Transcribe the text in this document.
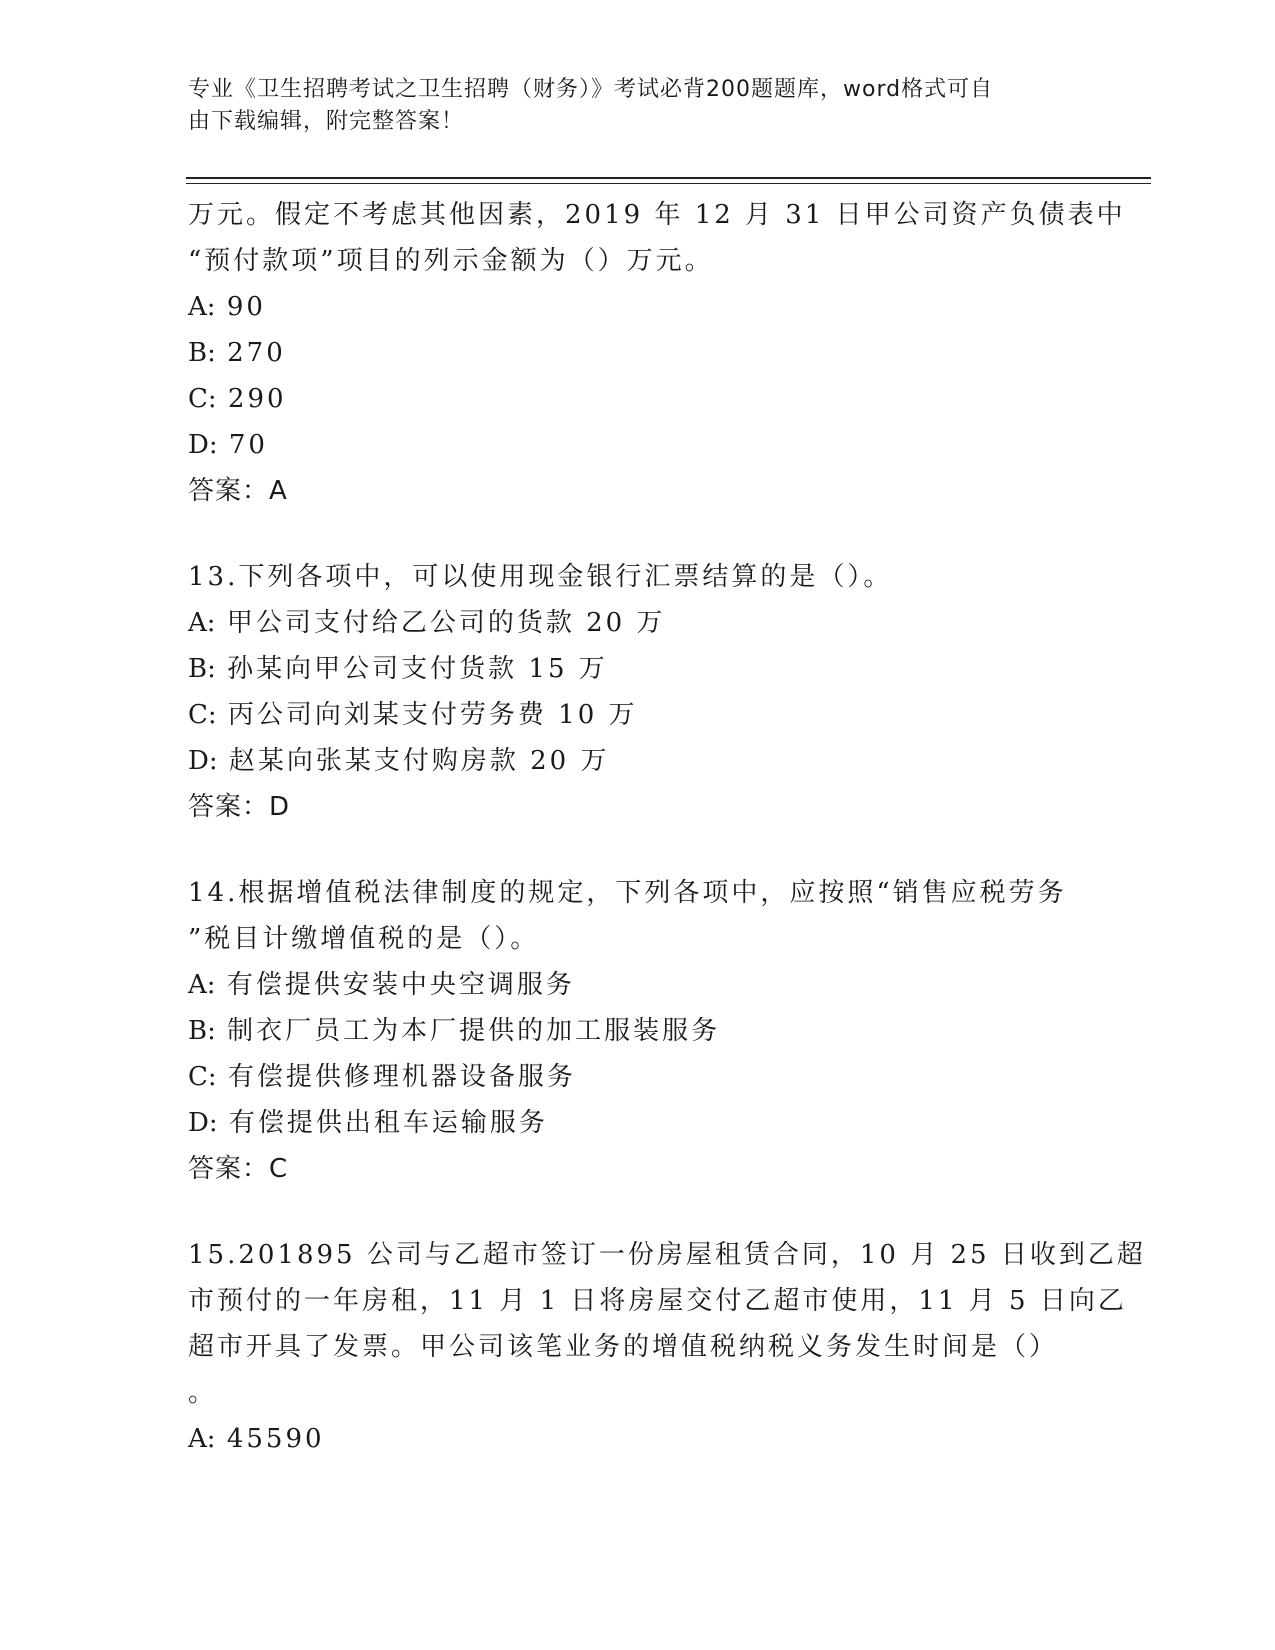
专业《卫生招聘考试之卫生招聘（财务）》考试必背200题题库，word格式可自
由下载编辑，附完整答案！
万元。假定不考虑其他因素，2019 年 12 月 31 日甲公司资产负债表中
“预付款项”项目的列示金额为（）万元。
A: 90
B: 270
C: 290
D: 70
答案：A
13.下列各项中，可以使用现金银行汇票结算的是（）。
A: 甲公司支付给乙公司的货款 20 万
B: 孙某向甲公司支付货款 15 万
C: 丙公司向刘某支付劳务费 10 万
D: 赵某向张某支付购房款 20 万
答案：D
14.根据增值税法律制度的规定，下列各项中，应按照“销售应税劳务
”税目计缴增值税的是（）。
A: 有偿提供安装中央空调服务
B: 制衣厂员工为本厂提供的加工服装服务
C: 有偿提供修理机器设备服务
D: 有偿提供出租车运输服务
答案：C
15.201895 公司与乙超市签订一份房屋租赁合同，10 月 25 日收到乙超
市预付的一年房租，11 月 1 日将房屋交付乙超市使用，11 月 5 日向乙
超市开具了发票。甲公司该笔业务的增值税纳税义务发生时间是（）
。
A: 45590
